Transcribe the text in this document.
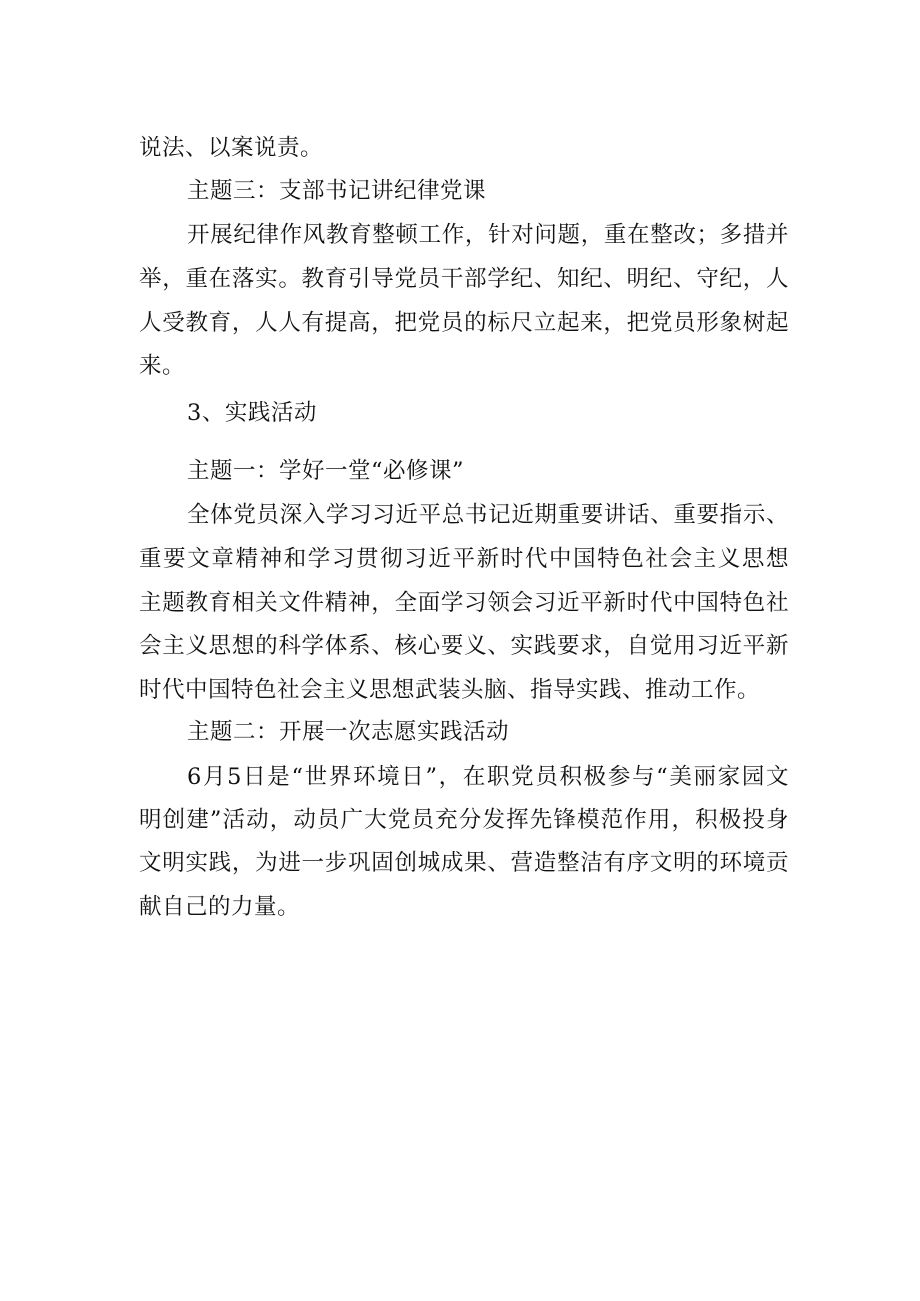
说法、以案说责。
主题三：支部书记讲纪律党课
开展纪律作风教育整顿工作，针对问题，重在整改；多措并
举，重在落实。教育引导党员干部学纪、知纪、明纪、守纪，人
人受教育，人人有提高，把党员的标尺立起来，把党员形象树起
来。
3、实践活动
主题一：学好一堂“必修课”
全体党员深入学习习近平总书记近期重要讲话、重要指示、
重要文章精神和学习贯彻习近平新时代中国特色社会主义思想
主题教育相关文件精神，全面学习领会习近平新时代中国特色社
会主义思想的科学体系、核心要义、实践要求，自觉用习近平新
时代中国特色社会主义思想武装头脑、指导实践、推动工作。
主题二：开展一次志愿实践活动
6月5日是“世界环境日”，在职党员积极参与“美丽家园文
明创建”活动，动员广大党员充分发挥先锋模范作用，积极投身
文明实践，为进一步巩固创城成果、营造整洁有序文明的环境贡
献自己的力量。
